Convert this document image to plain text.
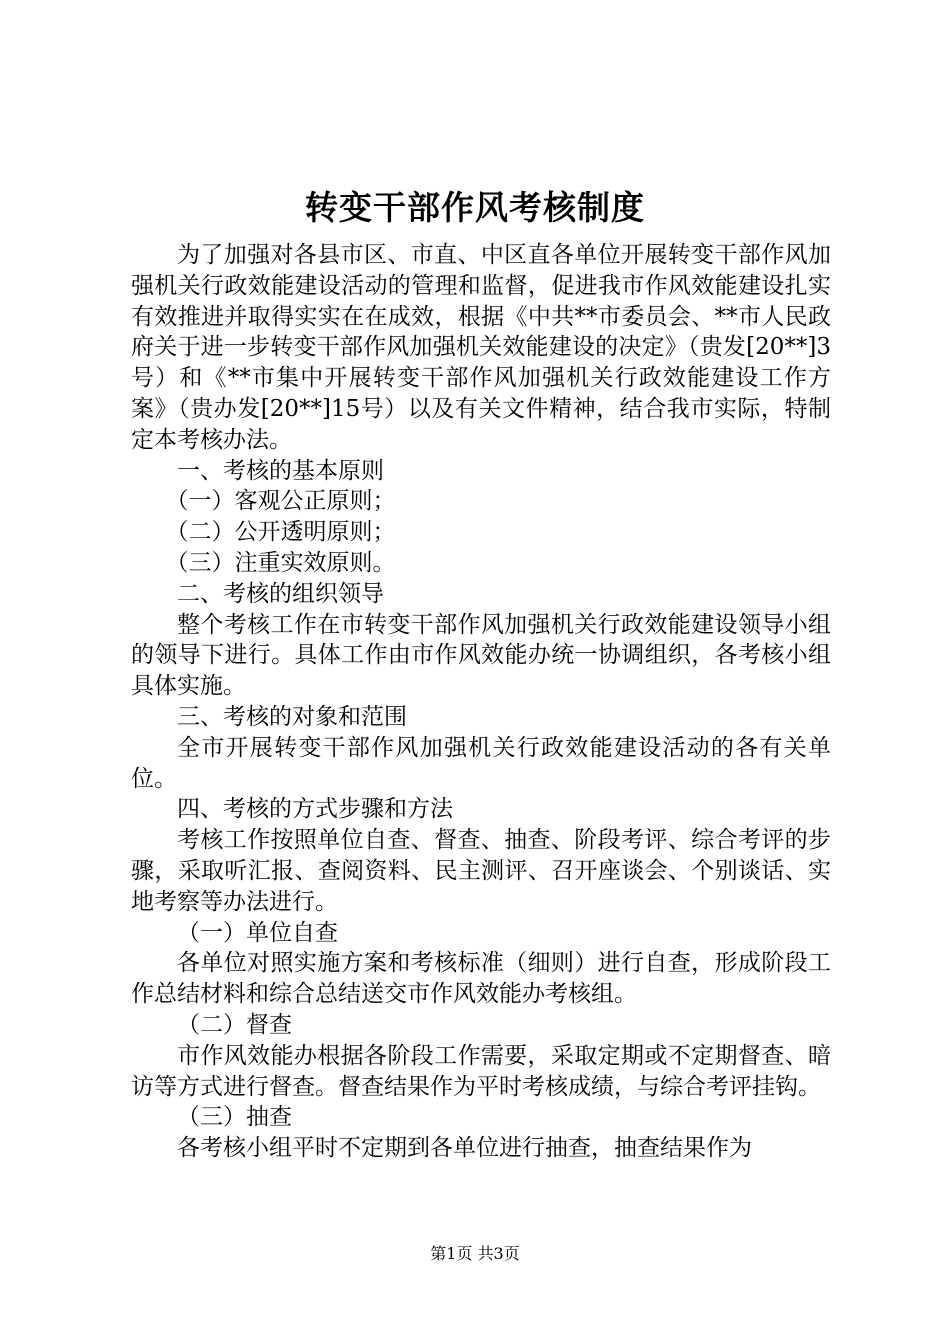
转变干部作风考核制度

为了加强对各县市区、市直、中区直各单位开展转变干部作风加强机关行政效能建设活动的管理和监督，促进我市作风效能建设扎实有效推进并取得实实在在成效，根据《中共**市委员会、**市人民政府关于进一步转变干部作风加强机关效能建设的决定》（贵发[20**]3号）和《**市集中开展转变干部作风加强机关行政效能建设工作方案》（贵办发[20**]15号）以及有关文件精神，结合我市实际，特制定本考核办法。

一、考核的基本原则

（一）客观公正原则；

（二）公开透明原则；

（三）注重实效原则。

二、考核的组织领导

整个考核工作在市转变干部作风加强机关行政效能建设领导小组的领导下进行。具体工作由市作风效能办统一协调组织，各考核小组具体实施。

三、考核的对象和范围

全市开展转变干部作风加强机关行政效能建设活动的各有关单位。

四、考核的方式步骤和方法

考核工作按照单位自查、督查、抽查、阶段考评、综合考评的步骤，采取听汇报、查阅资料、民主测评、召开座谈会、个别谈话、实地考察等办法进行。

（一）单位自查

各单位对照实施方案和考核标准（细则）进行自查，形成阶段工作总结材料和综合总结送交市作风效能办考核组。

（二）督查

市作风效能办根据各阶段工作需要，采取定期或不定期督查、暗访等方式进行督查。督查结果作为平时考核成绩，与综合考评挂钩。

（三）抽查

各考核小组平时不定期到各单位进行抽查，抽查结果作为

第1页 共3页
